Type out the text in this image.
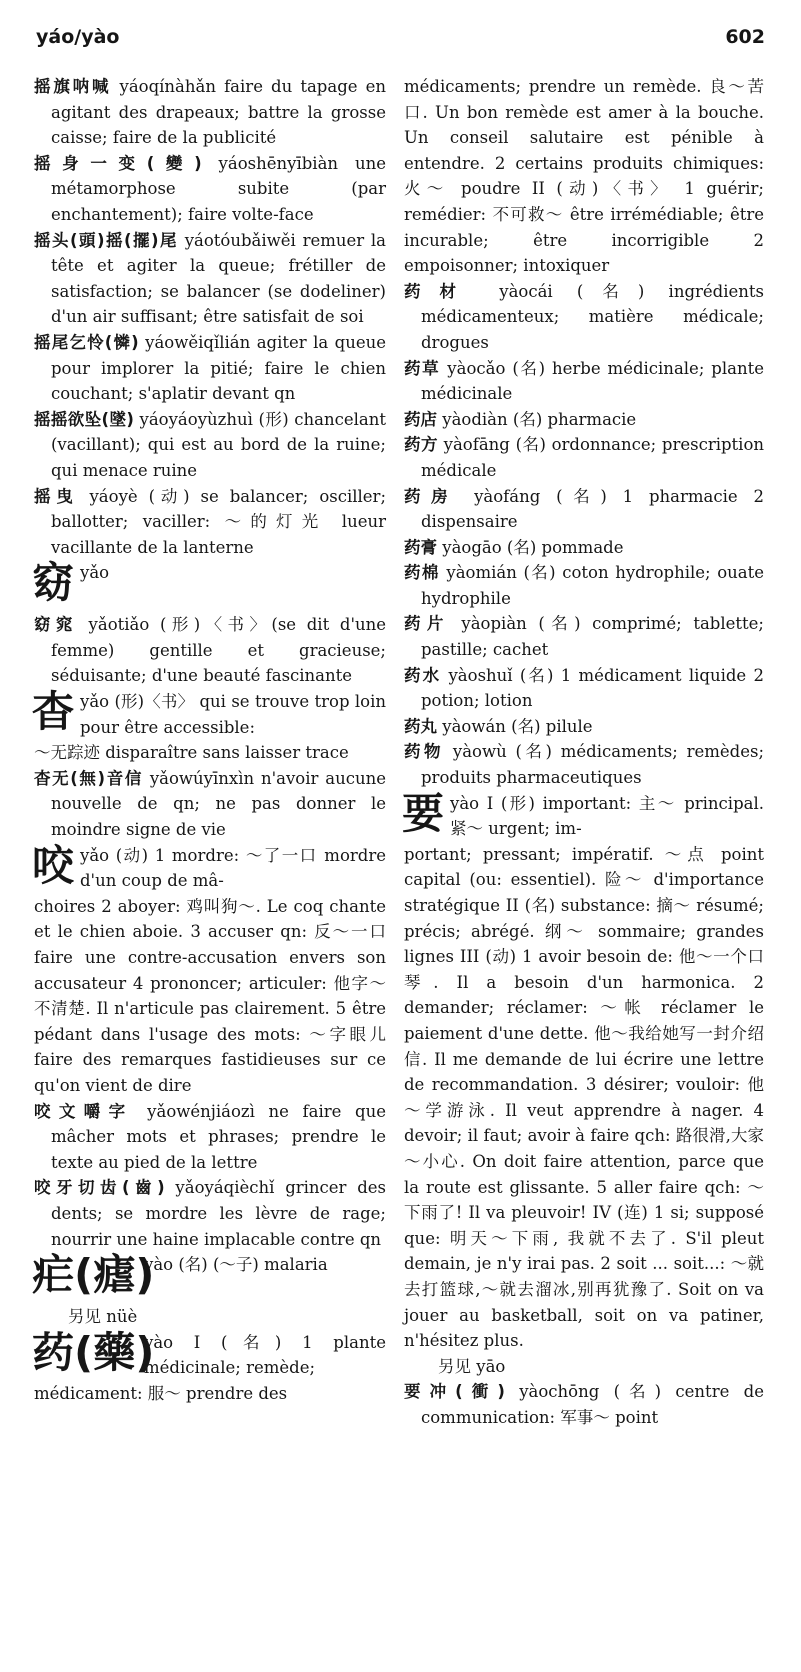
yáo/yào	602
摇旗呐喊 yáoqínàhǎn faire du tapage en agitant des drapeaux; battre la grosse caisse; faire de la publicité
摇身一变(變) yáoshēnyībiàn une métamorphose subite (par enchantement); faire volte-face
摇头(頭)摇(擺)尾 yáotóubǎiwěi remuer la tête et agiter la queue; frétiller de satisfaction; se balancer (se dodeliner) d'un air suffisant; être satisfait de soi
摇尾乞怜(憐) yáowěiqǐlián agiter la queue pour implorer la pitié; faire le chien couchant; s'aplatir devant qn
摇摇欲坠(墜) yáoyáoyùzhuì (形) chancelant (vacillant); qui est au bord de la ruine; qui menace ruine
摇曳 yáoyè (动) se balancer; osciller; ballotter; vaciller: ～的灯光 lueur vacillante de la lanterne
窈 yǎo
窈窕 yǎotiǎo (形)〈书〉(se dit d'une femme) gentille et gracieuse; séduisante; d'une beauté fascinante
杳 yǎo (形)〈书〉 qui se trouve trop loin pour être accessible:
～无踪迹 disparaître sans laisser trace
杳无(無)音信 yǎowúyīnxìn n'avoir aucune nouvelle de qn; ne pas donner le moindre signe de vie
咬 yǎo (动) 1 mordre: ～了一口 mordre d'un coup de mâ-
choires 2 aboyer: 鸡叫狗～. Le coq chante et le chien aboie. 3 accuser qn: 反～一口 faire une contre-accusation envers son accusateur 4 prononcer; articuler: 他字～不清楚. Il n'articule pas clairement. 5 être pédant dans l'usage des mots: ～字眼儿 faire des remarques fastidieuses sur ce qu'on vient de dire
咬文嚼字 yǎowénjiáozì ne faire que mâcher mots et phrases; prendre le texte au pied de la lettre
咬牙切齿(齒) yǎoyáqièchǐ grincer des dents; se mordre les lèvre de rage; nourrir une haine implacable contre qn
疟(瘧)
yào (名) (～子) malaria
另见 nüè
药(藥)
yào I (名) 1 plante médicinale; remède;
médicament: 服～ prendre des
médicaments; prendre un remède. 良～苦口. Un bon remède est amer à la bouche. Un conseil salutaire est pénible à entendre. 2 certains produits chimiques: 火～ poudre II (动)〈书〉 1 guérir; remédier: 不可救～ être irrémédiable; être incurable; être incorrigible 2 empoisonner; intoxiquer
药材 yàocái (名) ingrédients médicamenteux; matière médicale; drogues
药草 yàocǎo (名) herbe médicinale; plante médicinale
药店 yàodiàn (名) pharmacie
药方 yàofāng (名) ordonnance; prescription médicale
药房 yàofáng (名) 1 pharmacie 2 dispensaire
药膏 yàogāo (名) pommade
药棉 yàomián (名) coton hydrophile; ouate hydrophile
药片 yàopiàn (名) comprimé; tablette; pastille; cachet
药水 yàoshuǐ (名) 1 médicament liquide 2 potion; lotion
药丸 yàowán (名) pilule
药物 yàowù (名) médicaments; remèdes; produits pharmaceutiques
要 yào I (形) important: 主～ principal. 紧～ urgent; im-
portant; pressant; impératif. ～点 point capital (ou: essentiel). 险～ d'importance stratégique II (名) substance: 摘～ résumé; précis; abrégé. 纲～ sommaire; grandes lignes III (动) 1 avoir besoin de: 他～一个口琴. Il a besoin d'un harmonica. 2 demander; réclamer: ～帐 réclamer le paiement d'une dette. 他～我给她写一封介绍信. Il me demande de lui écrire une lettre de recommandation. 3 désirer; vouloir: 他～学游泳. Il veut apprendre à nager. 4 devoir; il faut; avoir à faire qch: 路很滑,大家～小心. On doit faire attention, parce que la route est glissante. 5 aller faire qch: ～下雨了! Il va pleuvoir! IV (连) 1 si; supposé que: 明天～下雨, 我就不去了. S'il pleut demain, je n'y irai pas. 2 soit ... soit...: ～就去打篮球,～就去溜冰,别再犹豫了. Soit on va jouer au basketball, soit on va patiner, n'hésitez plus.
另见 yāo
要冲(衝) yàochōng (名) centre de communication: 军事～ point
